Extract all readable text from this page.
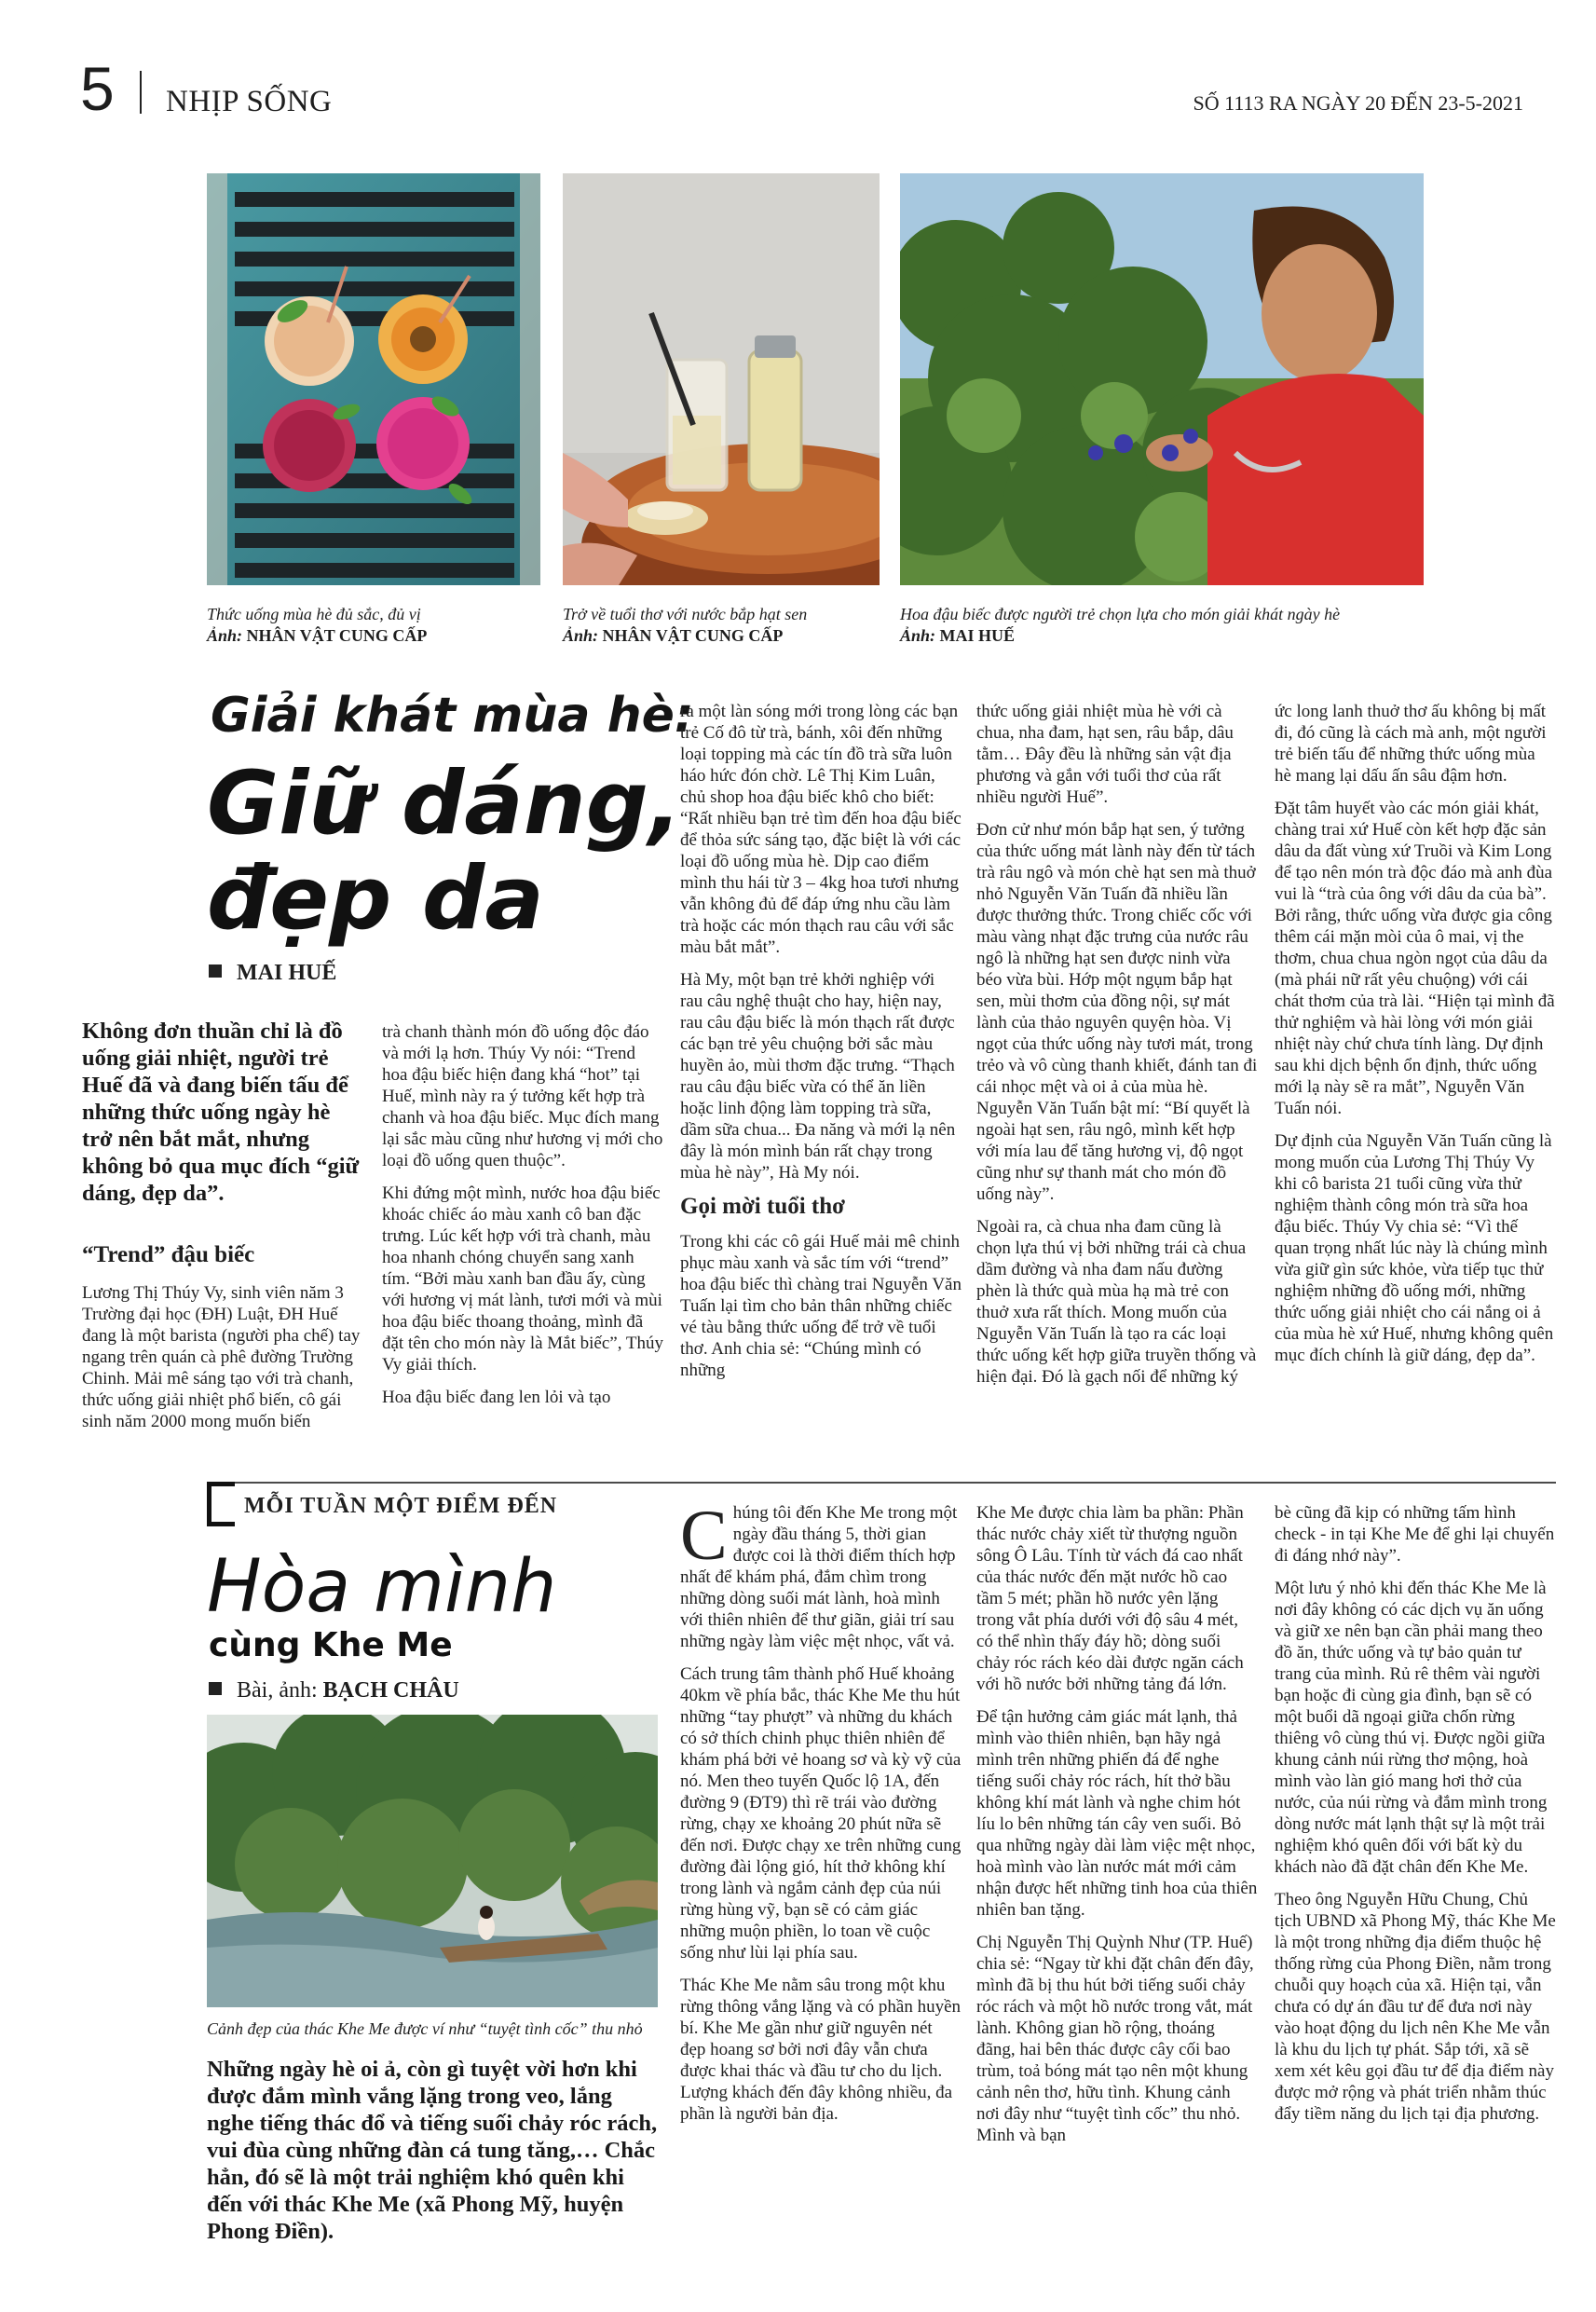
5 NHỊP SỐNG	SỐ 1113 RA NGÀY 20 ĐẾN 23-5-2021
Thức uống mùa hè đủ sắc, đủ vị
Ảnh: NHÂN VẬT CUNG CẤP
Trở về tuổi thơ với nước bắp hạt sen
Ảnh: NHÂN VẬT CUNG CẤP
Hoa đậu biếc được người trẻ chọn lựa cho món giải khát ngày hè
Ảnh: MAI HUẾ
Giải khát mùa hè:
Giữ dáng,
đẹp da
MAI HUẾ
Không đơn thuần chỉ là đồ uống giải nhiệt, người trẻ Huế đã và đang biến tấu để những thức uống ngày hè trở nên bắt mắt, nhưng không bỏ qua mục đích “giữ dáng, đẹp da”.
“Trend” đậu biếc

Lương Thị Thúy Vy, sinh viên năm 3 Trường đại học (ĐH) Luật, ĐH Huế đang là một barista (người pha chế) tay ngang trên quán cà phê đường Trường Chinh. Mải mê sáng tạo với trà chanh, thức uống giải nhiệt phổ biến, cô gái sinh năm 2000 mong muốn biến

trà chanh thành món đồ uống độc đáo và mới lạ hơn. Thúy Vy nói: “Trend hoa đậu biếc hiện đang khá “hot” tại Huế, mình này ra ý tưởng kết hợp trà chanh và hoa đậu biếc. Mục đích mang lại sắc màu cũng như hương vị mới cho loại đồ uống quen thuộc”.

Khi đứng một mình, nước hoa đậu biếc khoác chiếc áo màu xanh cô ban đặc trưng. Lúc kết hợp với trà chanh, màu hoa nhanh chóng chuyển sang xanh tím. “Bởi màu xanh ban đầu ấy, cùng với hương vị mát lành, tươi mới và mùi hoa đậu biếc thoang thoảng, mình đã đặt tên cho món này là Mắt biếc”, Thúy Vy giải thích.

Hoa đậu biếc đang len lỏi và tạo

ra một làn sóng mới trong lòng các bạn trẻ Cố đô từ trà, bánh, xôi đến những loại topping mà các tín đồ trà sữa luôn háo hức đón chờ. Lê Thị Kim Luân, chủ shop hoa đậu biếc khô cho biết: “Rất nhiều bạn trẻ tìm đến hoa đậu biếc để thỏa sức sáng tạo, đặc biệt là với các loại đồ uống mùa hè. Dịp cao điểm mình thu hái từ 3 – 4kg hoa tươi nhưng vẫn không đủ để đáp ứng nhu cầu làm trà hoặc các món thạch rau câu với sắc màu bắt mắt”.

Hà My, một bạn trẻ khởi nghiệp với rau câu nghệ thuật cho hay, hiện nay, rau câu đậu biếc là món thạch rất được các bạn trẻ yêu chuộng bởi sắc màu huyền ảo, mùi thơm đặc trưng. “Thạch rau câu đậu biếc vừa có thể ăn liền hoặc linh động làm topping trà sữa, dầm sữa chua... Đa năng và mới lạ nên đây là món mình bán rất chạy trong mùa hè này”, Hà My nói.

Gọi mời tuổi thơ

Trong khi các cô gái Huế mải mê chinh phục màu xanh và sắc tím với “trend” hoa đậu biếc thì chàng trai Nguyễn Văn Tuấn lại tìm cho bản thân những chiếc vé tàu bằng thức uống để trở về tuổi thơ. Anh chia sẻ: “Chúng mình có những

thức uống giải nhiệt mùa hè với cà chua, nha đam, hạt sen, râu bắp, dâu tằm… Đây đều là những sản vật địa phương và gắn với tuổi thơ của rất nhiều người Huế”.

Đơn cử như món bắp hạt sen, ý tưởng của thức uống mát lành này đến từ tách trà râu ngô và món chè hạt sen mà thuở nhỏ Nguyễn Văn Tuấn đã nhiều lần được thưởng thức. Trong chiếc cốc với màu vàng nhạt đặc trưng của nước râu ngô là những hạt sen được ninh vừa béo vừa bùi. Hớp một ngụm bắp hạt sen, mùi thơm của đồng nội, sự mát lành của thảo nguyên quyện hòa. Vị ngọt của thức uống này tươi mát, trong trẻo và vô cùng thanh khiết, đánh tan đi cái nhọc mệt và oi ả của mùa hè. Nguyễn Văn Tuấn bật mí: “Bí quyết là ngoài hạt sen, râu ngô, mình kết hợp với mía lau để tăng hương vị, độ ngọt cũng như sự thanh mát cho món đồ uống này”.

Ngoài ra, cà chua nha đam cũng là chọn lựa thú vị bởi những trái cà chua dầm đường và nha đam nấu đường phèn là thức quà mùa hạ mà trẻ con thuở xưa rất thích. Mong muốn của Nguyễn Văn Tuấn là tạo ra các loại thức uống kết hợp giữa truyền thống và hiện đại. Đó là gạch nối để những ký

ức long lanh thuở thơ ấu không bị mất đi, đó cũng là cách mà anh, một người trẻ biến tấu để những thức uống mùa hè mang lại dấu ấn sâu đậm hơn.

Đặt tâm huyết vào các món giải khát, chàng trai xứ Huế còn kết hợp đặc sản dâu da đất vùng xứ Truồi và Kim Long để tạo nên món trà độc đáo mà anh đùa vui là “trà của ông với dâu da của bà”. Bởi rằng, thức uống vừa được gia công thêm cái mặn mòi của ô mai, vị the thơm, chua chua ngòn ngọt của dâu da (mà phái nữ rất yêu chuộng) với cái chát thơm của trà lài. “Hiện tại mình đã thử nghiệm và hài lòng với món giải nhiệt này chứ chưa tính làng. Dự định sau khi dịch bệnh ổn định, thức uống mới lạ này sẽ ra mắt”, Nguyễn Văn Tuấn nói.

Dự định của Nguyễn Văn Tuấn cũng là mong muốn của Lương Thị Thúy Vy khi cô barista 21 tuổi cũng vừa thử nghiệm thành công món trà sữa hoa đậu biếc. Thúy Vy chia sẻ: “Vì thế quan trọng nhất lúc này là chúng mình vừa giữ gìn sức khỏe, vừa tiếp tục thử nghiệm những đồ uống mới, những thức uống giải nhiệt cho cái nắng oi ả của mùa hè xứ Huế, nhưng không quên mục đích chính là giữ dáng, đẹp da”.

MỖI TUẦN MỘT ĐIỂM ĐẾN
Hòa mình
cùng Khe Me
Bài, ảnh: BẠCH CHÂU
Cảnh đẹp của thác Khe Me được ví như “tuyệt tình cốc” thu nhỏ
Những ngày hè oi ả, còn gì tuyệt vời hơn khi được đắm mình vắng lặng trong veo, lắng nghe tiếng thác đổ và tiếng suối chảy róc rách, vui đùa cùng những đàn cá tung tăng,… Chắc hẳn, đó sẽ là một trải nghiệm khó quên khi đến với thác Khe Me (xã Phong Mỹ, huyện Phong Điền).

Chúng tôi đến Khe Me trong một ngày đầu tháng 5, thời gian được coi là thời điểm thích hợp nhất để khám phá, đắm chìm trong những dòng suối mát lành, hoà mình với thiên nhiên để thư giãn, giải trí sau những ngày làm việc mệt nhọc, vất vả.

Cách trung tâm thành phố Huế khoảng 40km về phía bắc, thác Khe Me thu hút những “tay phượt” và những du khách có sở thích chinh phục thiên nhiên để khám phá bởi vẻ hoang sơ và kỳ vỹ của nó. Men theo tuyến Quốc lộ 1A, đến đường 9 (ĐT9) thì rẽ trái vào đường rừng, chạy xe khoảng 20 phút nữa sẽ đến nơi. Được chạy xe trên những cung đường đài lộng gió, hít thở không khí trong lành và ngắm cảnh đẹp của núi rừng hùng vỹ, bạn sẽ có cảm giác những muộn phiền, lo toan về cuộc sống như lùi lại phía sau.

Thác Khe Me nằm sâu trong một khu rừng thông vắng lặng và có phần huyền bí. Khe Me gần như giữ nguyên nét đẹp hoang sơ bởi nơi đây vẫn chưa được khai thác và đầu tư cho du lịch. Lượng khách đến đây không nhiều, đa phần là người bản địa.

Khe Me được chia làm ba phần: Phần thác nước chảy xiết từ thượng nguồn sông Ô Lâu. Tính từ vách đá cao nhất của thác nước đến mặt nước hồ cao tầm 5 mét; phần hồ nước yên lặng trong vắt phía dưới với độ sâu 4 mét, có thể nhìn thấy đáy hồ; dòng suối chảy róc rách kéo dài được ngăn cách với hồ nước bởi những tảng đá lớn.

Để tận hưởng cảm giác mát lạnh, thả mình vào thiên nhiên, bạn hãy ngả mình trên những phiến đá để nghe tiếng suối chảy róc rách, hít thở bầu không khí mát lành và nghe chim hót líu lo bên những tán cây ven suối. Bỏ qua những ngày dài làm việc mệt nhọc, hoà mình vào làn nước mát mới cảm nhận được hết những tinh hoa của thiên nhiên ban tặng.

Chị Nguyễn Thị Quỳnh Như (TP. Huế) chia sẻ: “Ngay từ khi đặt chân đến đây, mình đã bị thu hút bởi tiếng suối chảy róc rách và một hồ nước trong vắt, mát lành. Không gian hồ rộng, thoáng đãng, hai bên thác được cây cối bao trùm, toả bóng mát tạo nên một khung cảnh nên thơ, hữu tình. Khung cảnh nơi đây như “tuyệt tình cốc” thu nhỏ. Mình và bạn

bè cũng đã kịp có những tấm hình check - in tại Khe Me để ghi lại chuyến đi đáng nhớ này”.

Một lưu ý nhỏ khi đến thác Khe Me là nơi đây không có các dịch vụ ăn uống và giữ xe nên bạn cần phải mang theo đồ ăn, thức uống và tự bảo quản tư trang của mình. Rủ rê thêm vài người bạn hoặc đi cùng gia đình, bạn sẽ có một buổi dã ngoại giữa chốn rừng thiêng vô cùng thú vị. Được ngồi giữa khung cảnh núi rừng thơ mộng, hoà mình vào làn gió mang hơi thở của nước, của núi rừng và đắm mình trong dòng nước mát lạnh thật sự là một trải nghiệm khó quên đối với bất kỳ du khách nào đã đặt chân đến Khe Me.

Theo ông Nguyễn Hữu Chung, Chủ tịch UBND xã Phong Mỹ, thác Khe Me là một trong những địa điểm thuộc hệ thống rừng của Phong Điền, nằm trong chuỗi quy hoạch của xã. Hiện tại, vẫn chưa có dự án đầu tư để đưa nơi này vào hoạt động du lịch nên Khe Me vẫn là khu du lịch tự phát. Sắp tới, xã sẽ xem xét kêu gọi đầu tư để địa điểm này được mở rộng và phát triển nhằm thúc đẩy tiềm năng du lịch tại địa phương.
